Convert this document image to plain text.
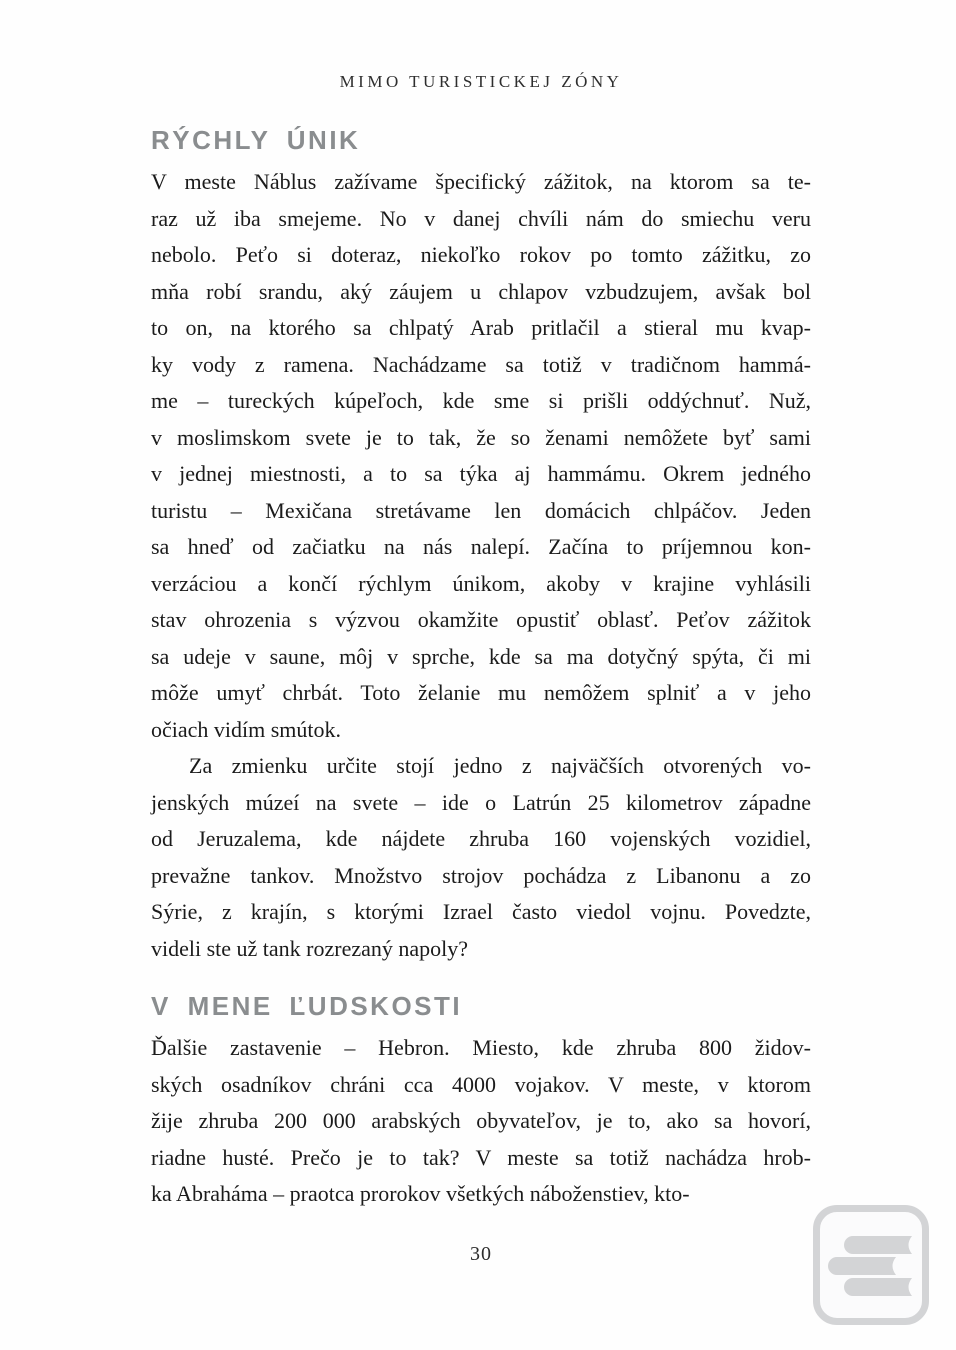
MIMO TURISTICKEJ ZÓNY
RÝCHLY ÚNIK
V meste Náblus zažívame špecifický zážitok, na ktorom sa te-
raz už iba smejeme. No v danej chvíli nám do smiechu veru
nebolo. Peťo si doteraz, niekoľko rokov po tomto zážitku, zo
mňa robí srandu, aký záujem u chlapov vzbudzujem, avšak bol
to on, na ktorého sa chlpatý Arab pritlačil a stieral mu kvap-
ky vody z ramena. Nachádzame sa totiž v tradičnom hammá-
me – tureckých kúpeľoch, kde sme si prišli oddýchnuť. Nuž,
v moslimskom svete je to tak, že so ženami nemôžete byť sami
v jednej miestnosti, a to sa týka aj hammámu. Okrem jedného
turistu – Mexičana stretávame len domácich chlpáčov. Jeden
sa hneď od začiatku na nás nalepí. Začína to príjemnou kon-
verzáciou a končí rýchlym únikom, akoby v krajine vyhlásili
stav ohrozenia s výzvou okamžite opustiť oblasť. Peťov zážitok
sa udeje v saune, môj v sprche, kde sa ma dotyčný spýta, či mi
môže umyť chrbát. Toto želanie mu nemôžem splniť a v jeho
očiach vidím smútok.
Za zmienku určite stojí jedno z najväčších otvorených vo-
jenských múzeí na svete – ide o Latrún 25 kilometrov západne
od Jeruzalema, kde nájdete zhruba 160 vojenských vozidiel,
prevažne tankov. Množstvo strojov pochádza z Libanonu a zo
Sýrie, z krajín, s ktorými Izrael často viedol vojnu. Povedzte,
videli ste už tank rozrezaný napoly?
V MENE ĽUDSKOSTI
Ďalšie zastavenie – Hebron. Miesto, kde zhruba 800 židov-
ských osadníkov chráni cca 4000 vojakov. V meste, v ktorom
žije zhruba 200 000 arabských obyvateľov, je to, ako sa hovorí,
riadne husté. Prečo je to tak? V meste sa totiž nachádza hrob-
ka Abraháma – praotca prorokov všetkých náboženstiev, kto-
30
